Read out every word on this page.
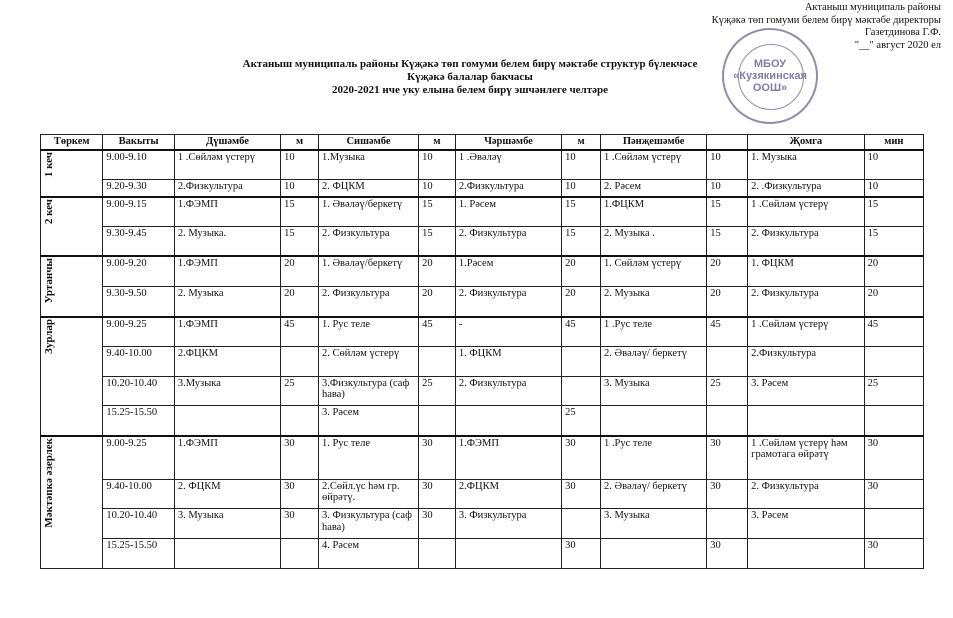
Актаныш муниципаль районы
Күҗәкә төп гомуми белем бирү мәктәбе директоры
Газетдинова Г.Ф.
"__" август 2020 ел
МБОУ
«Кузякинская
ООШ»
Актаныш муниципаль районы Күҗәкә төп гомуми белем бирү мәктәбе структур бүлекчәсе
Күҗәкә балалар бакчасы
2020-2021 нче уку елына белем бирү эшчәнлеге челтәре
Төркем	Вакыты	Дүшәмбе	м	Сишәмбе	м	Чәршәмбе	м	Пәнҗешәмбе		Җомга	мин
1 кеч	9.00-9.10	1 .Сөйләм үстерү	10	1.Музыка	10	1 .Әвәләү	10	1 .Сөйләм үстерү	10	1. Музыка	10
	9.20-9.30	2.Физкультура	10	2. ФЦКМ	10	2.Физкультура	10	2. Рәсем	10	2. .Физкультура	10
2 кеч	9.00-9.15	1.ФЭМП	15	1. Әвәләү/беркетү	15	1. Рәсем	15	1.ФЦКМ	15	1 .Сөйләм үстерү	15
	9.30-9.45	2. Музыка.	15	2. Физкультура	15	2. Физкультура	15	2. Музыка .	15	2. Физкультура	15
Уртанчы	9.00-9.20	1.ФЭМП	20	1. Әвәләү/беркетү	20	1.Рәсем	20	1. Сөйләм үстерү	20	1. ФЦКМ	20
	9.30-9.50	2. Музыка	20	2. Физкультура	20	2. Физкультура	20	2. Музыка	20	2. Физкультура	20
Зурлар	9.00-9.25	1.ФЭМП	45	1. Рус теле	45	-	45	1 .Рус теле	45	1 .Сөйләм үстерү	45
	9.40-10.00	2.ФЦКМ		2. Сөйләм үстерү		1. ФЦКМ		2. Әвәләү/ беркетү		2.Физкультура	
	10.20-10.40	3.Музыка	25	3.Физкультура (саф һава)	25	2. Физкультура		3. Музыка	25	3. Рәсем	25
	15.25-15.50			3. Рәсем			25				
Мәктәпкә әзерлек	9.00-9.25	1.ФЭМП	30	1. Рус теле	30	1.ФЭМП	30	1 .Рус теле	30	1 .Сөйләм үстерү һәм грамотага өйрәтү	30
	9.40-10.00	2. ФЦКМ	30	2.Сөйл.үс һәм гр. өйрәтү.	30	2.ФЦКМ	30	2. Әвәләү/ беркетү	30	2. Физкультура	30
	10.20-10.40	3. Музыка	30	3. Физкультура (саф һава)	30	3. Физкультура		3. Музыка		3. Рәсем	
	15.25-15.50			4. Рәсем			30		30		30
